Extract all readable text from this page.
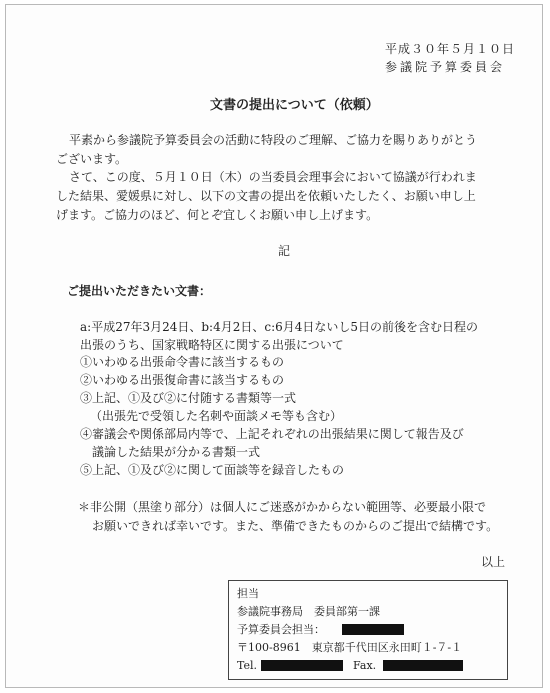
平成３０年５月１０日
参議院予算委員会
文書の提出について（依頼）
平素から参議院予算委員会の活動に特段のご理解、ご協力を賜りありがとう
ございます。
さて、この度、５月１０日（木）の当委員会理事会において協議が行われま
した結果、愛媛県に対し、以下の文書の提出を依頼いたしたく、お願い申し上
げます。ご協力のほど、何とぞ宜しくお願い申し上げます。
記
ご提出いただきたい文書：
a:平成27年3月24日、b:4月2日、c:6月4日ないし5日の前後を含む日程の
出張のうち、国家戦略特区に関する出張について
①いわゆる出張命令書に該当するもの
②いわゆる出張復命書に該当するもの
③上記、①及び②に付随する書類等一式
（出張先で受領した名刺や面談メモ等も含む）
④審議会や関係部局内等で、上記それぞれの出張結果に関して報告及び
議論した結果が分かる書類一式
⑤上記、①及び②に関して面談等を録音したもの
＊非公開（黒塗り部分）は個人にご迷惑がかからない範囲等、必要最小限で
お願いできれば幸いです。また、準備できたものからのご提出で結構です。
以上
担当
参議院事務局　委員部第一課
予算委員会担当：
〒100-8961　東京都千代田区永田町１-７-１
Tel.	Fax.
